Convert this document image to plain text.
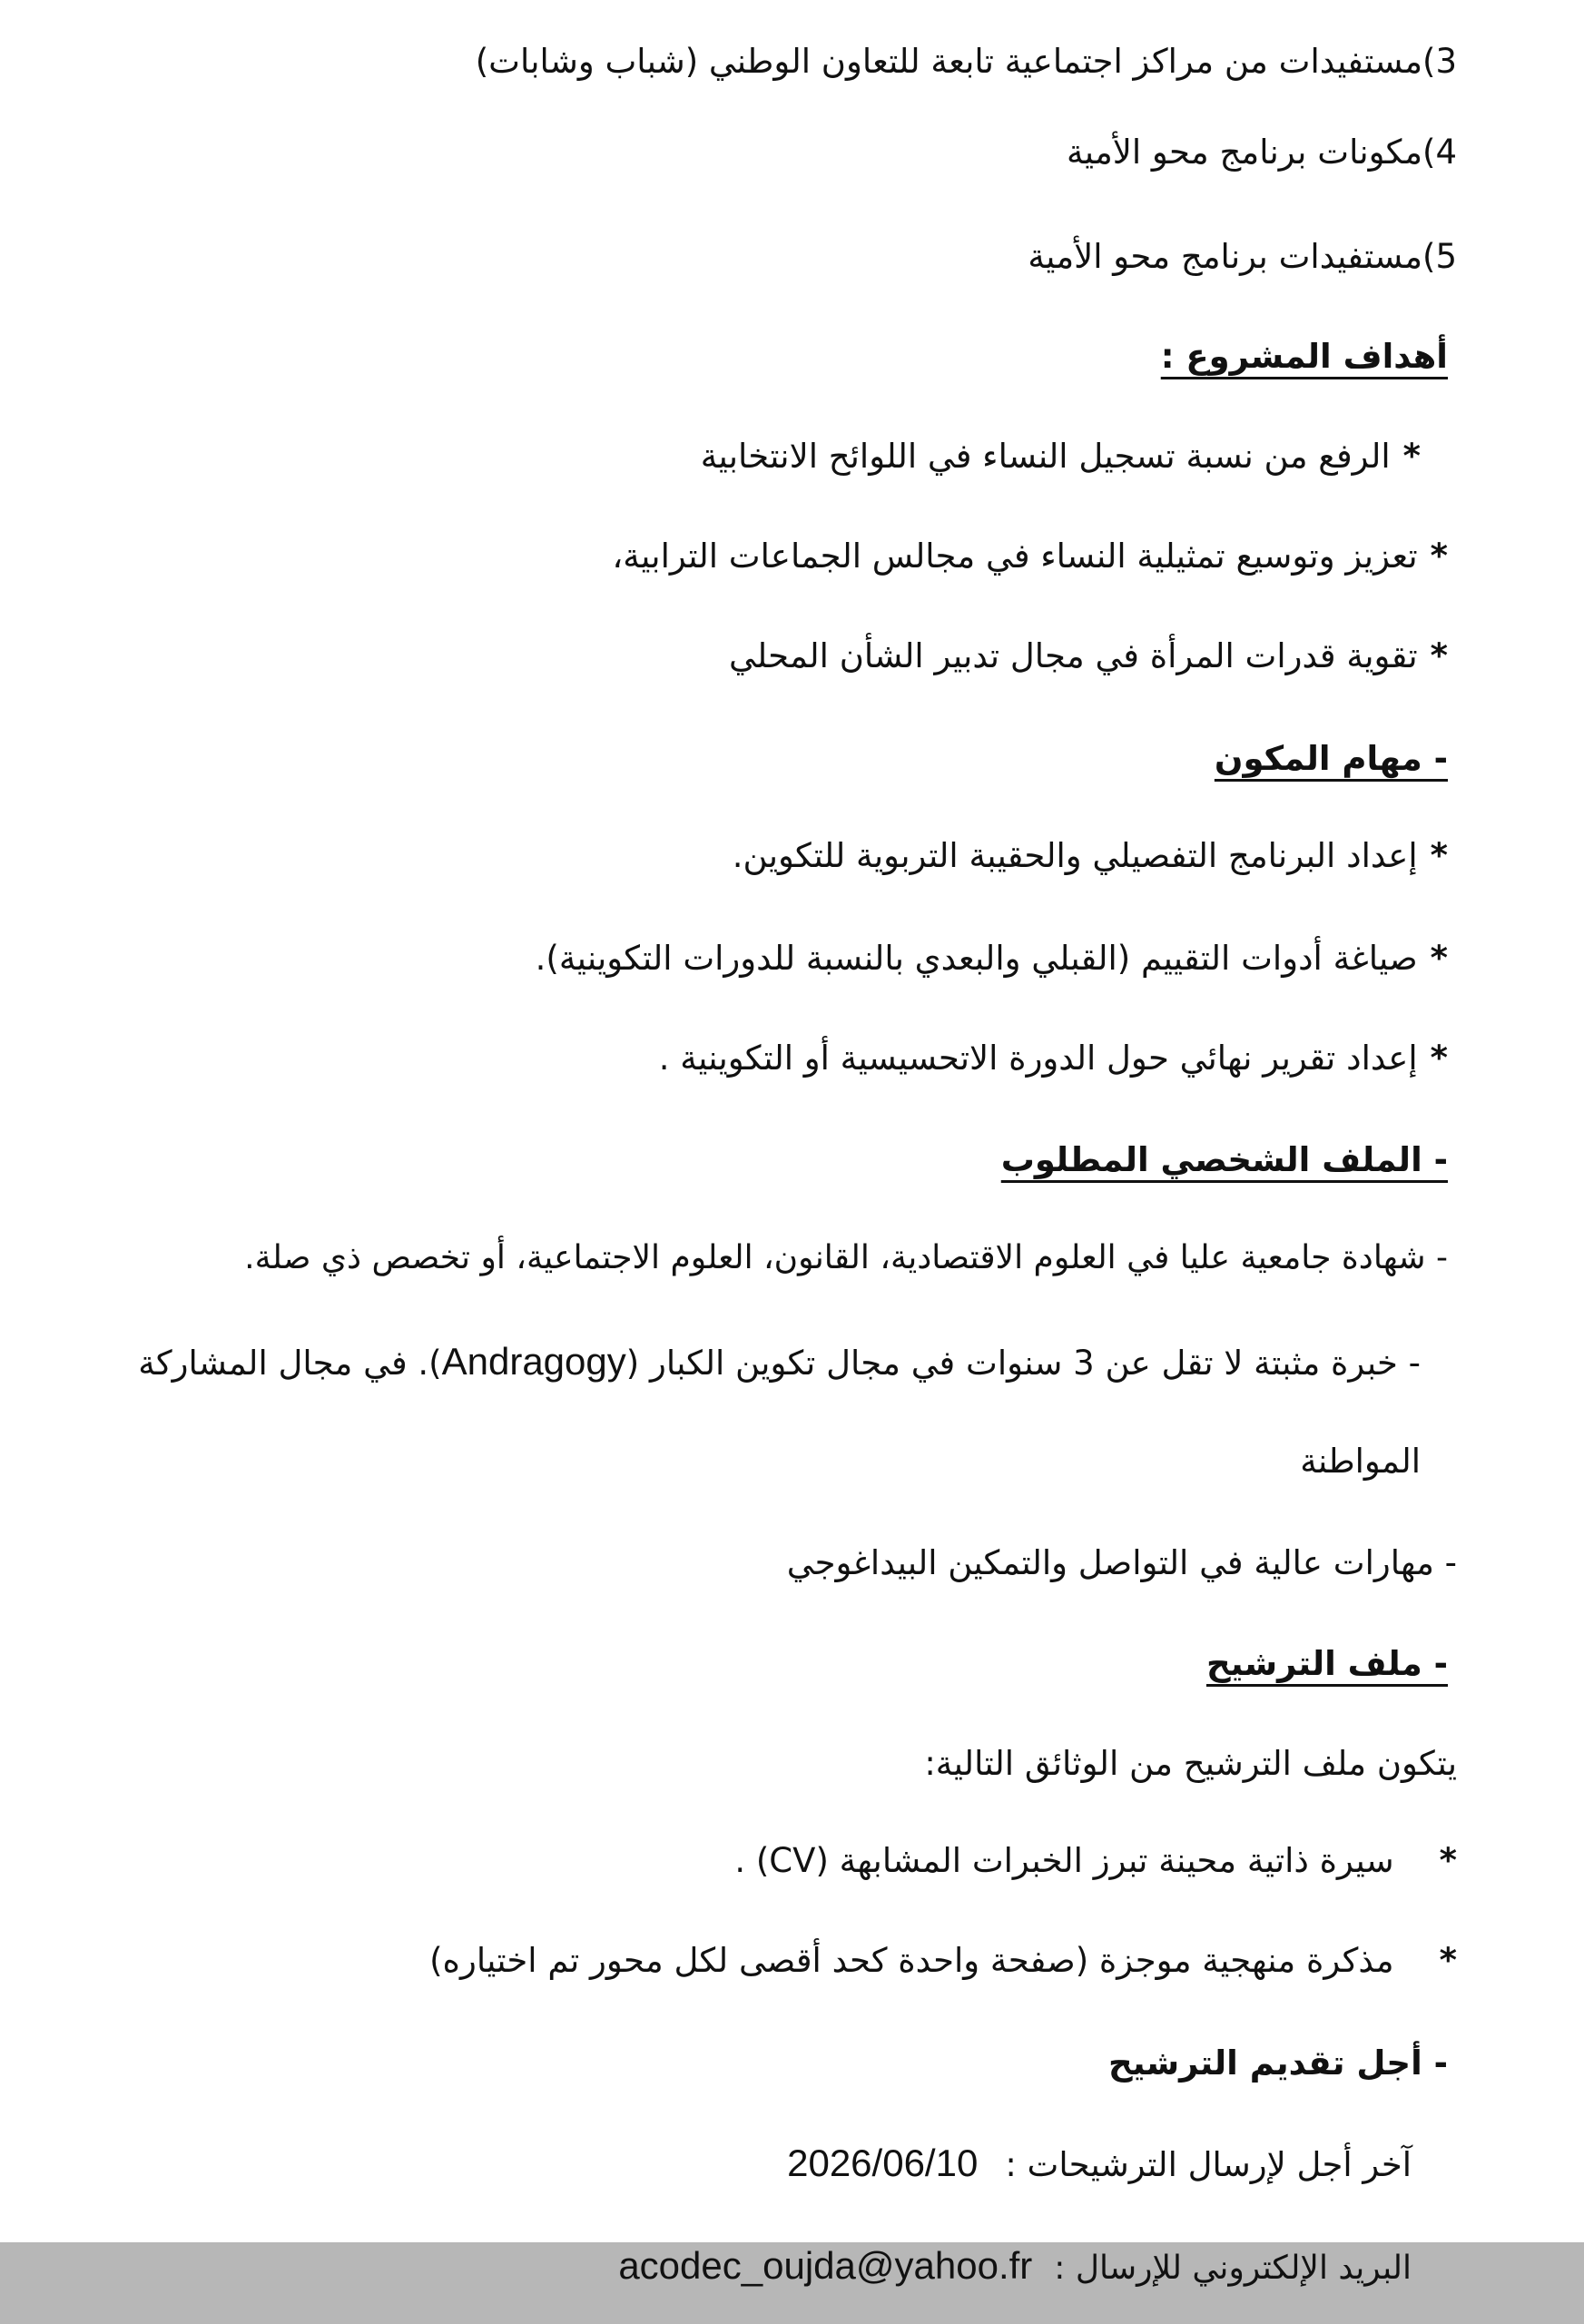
3)مستفيدات من مراكز اجتماعية تابعة للتعاون الوطني (شباب وشابات)
4)مكونات برنامج محو الأمية
5)مستفيدات برنامج محو الأمية
أهداف المشروع :
*الرفع من نسبة تسجيل النساء في اللوائح الانتخابية
*تعزيز وتوسيع تمثيلية النساء في مجالس الجماعات الترابية،
*تقوية قدرات المرأة في مجال تدبير الشأن المحلي
- مهام المكون
*إعداد البرنامج التفصيلي والحقيبة التربوية للتكوين.
*صياغة أدوات التقييم (القبلي والبعدي بالنسبة للدورات التكوينية).
*إعداد تقرير نهائي حول الدورة الاتحسيسية أو التكوينية .
- الملف الشخصي المطلوب
- شهادة جامعية عليا في العلوم الاقتصادية، القانون، العلوم الاجتماعية، أو تخصص ذي صلة.
- خبرة مثبتة لا تقل عن 3 سنوات في مجال تكوين الكبار (Andragogy). في مجال المشاركة
المواطنة
- مهارات عالية في التواصل والتمكين البيداغوجي
- ملف الترشيح
يتكون ملف الترشيح من الوثائق التالية:
*سيرة ذاتية محينة تبرز الخبرات المشابهة (CV) .
*مذكرة منهجية موجزة (صفحة واحدة كحد أقصى لكل محور تم اختياره)
- أجل تقديم الترشيح
آخر أجل لإرسال الترشيحات :2026/06/10
البريد الإلكتروني للإرسال :acodec_oujda@yahoo.fr
